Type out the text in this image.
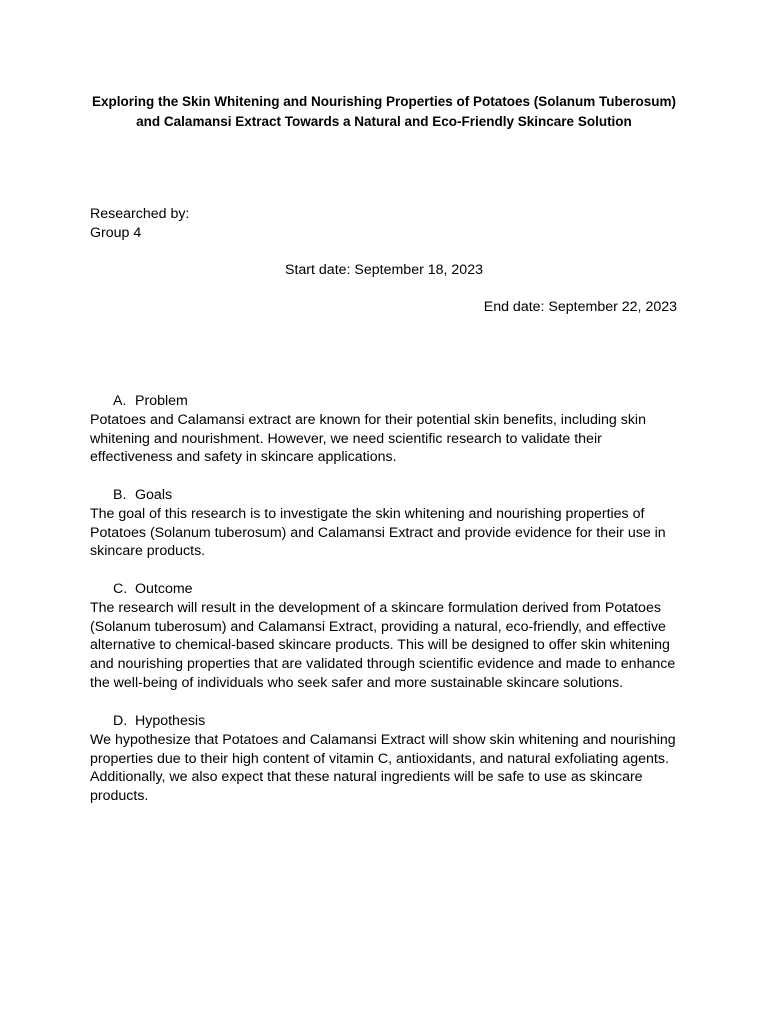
Exploring the Skin Whitening and Nourishing Properties of Potatoes (Solanum Tuberosum) and Calamansi Extract Towards a Natural and Eco-Friendly Skincare Solution
Researched by:
Group 4
Start date: September 18, 2023
End date: September 22, 2023
A. Problem

Potatoes and Calamansi extract are known for their potential skin benefits, including skin whitening and nourishment. However, we need scientific research to validate their effectiveness and safety in skincare applications.

B. Goals

The goal of this research is to investigate the skin whitening and nourishing properties of Potatoes (Solanum tuberosum) and Calamansi Extract and provide evidence for their use in skincare products.

C. Outcome

The research will result in the development of a skincare formulation derived from Potatoes (Solanum tuberosum) and Calamansi Extract, providing a natural, eco-friendly, and effective alternative to chemical-based skincare products. This will be designed to offer skin whitening and nourishing properties that are validated through scientific evidence and made to enhance the well-being of individuals who seek safer and more sustainable skincare solutions.

D. Hypothesis

We hypothesize that Potatoes and Calamansi Extract will show skin whitening and nourishing properties due to their high content of vitamin C, antioxidants, and natural exfoliating agents. Additionally, we also expect that these natural ingredients will be safe to use as skincare products.
